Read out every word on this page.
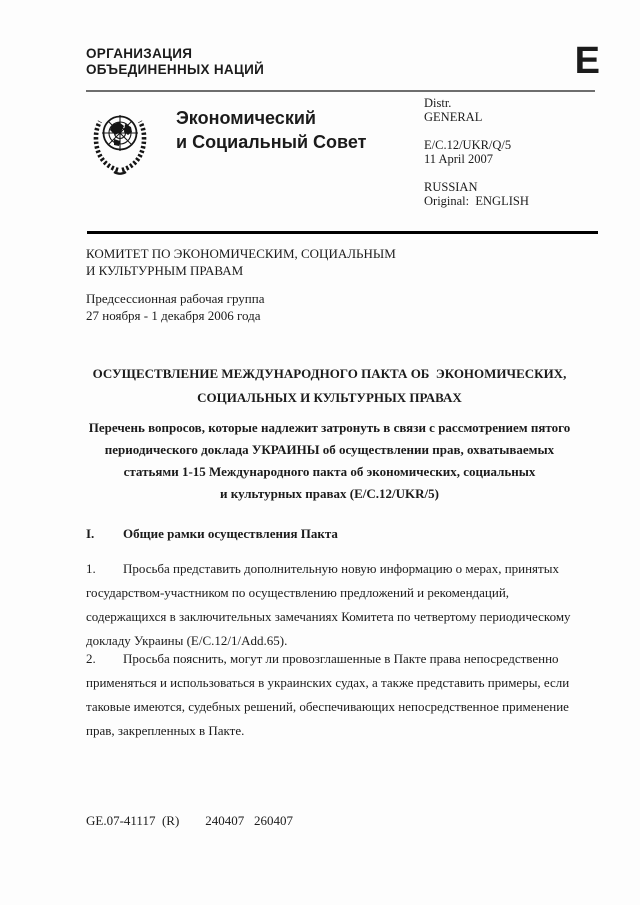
ОРГАНИЗАЦИЯ
ОБЪЕДИНЕННЫХ НАЦИЙ	E
Экономический
и Социальный Совет
Distr.
GENERAL
E/C.12/UKR/Q/5
11 April 2007
RUSSIAN
Original:  ENGLISH
КОМИТЕТ ПО ЭКОНОМИЧЕСКИМ, СОЦИАЛЬНЫМ
И КУЛЬТУРНЫМ ПРАВАМ
Предсессионная рабочая группа
27 ноября - 1 декабря 2006 года
ОСУЩЕСТВЛЕНИЕ МЕЖДУНАРОДНОГО ПАКТА ОБ  ЭКОНОМИЧЕСКИХ,
СОЦИАЛЬНЫХ И КУЛЬТУРНЫХ ПРАВАХ
Перечень вопросов, которые надлежит затронуть в связи с рассмотрением пятого
периодического доклада УКРАИНЫ об осуществлении прав, охватываемых
статьями 1-15 Международного пакта об экономических, социальных
и культурных правах (E/C.12/UKR/5)
I. Общие рамки осуществления Пакта
1. Просьба представить дополнительную новую информацию о мерах, принятых государством-участником по осуществлению предложений и рекомендаций, содержащихся в заключительных замечаниях Комитета по четвертому периодическому докладу Украины (E/C.12/1/Add.65).
2. Просьба пояснить, могут ли провозглашенные в Пакте права непосредственно применяться и использоваться в украинских судах, а также представить примеры, если таковые имеются, судебных решений, обеспечивающих непосредственное применение прав, закрепленных в Пакте.
GE.07-41117  (R)        240407   260407
